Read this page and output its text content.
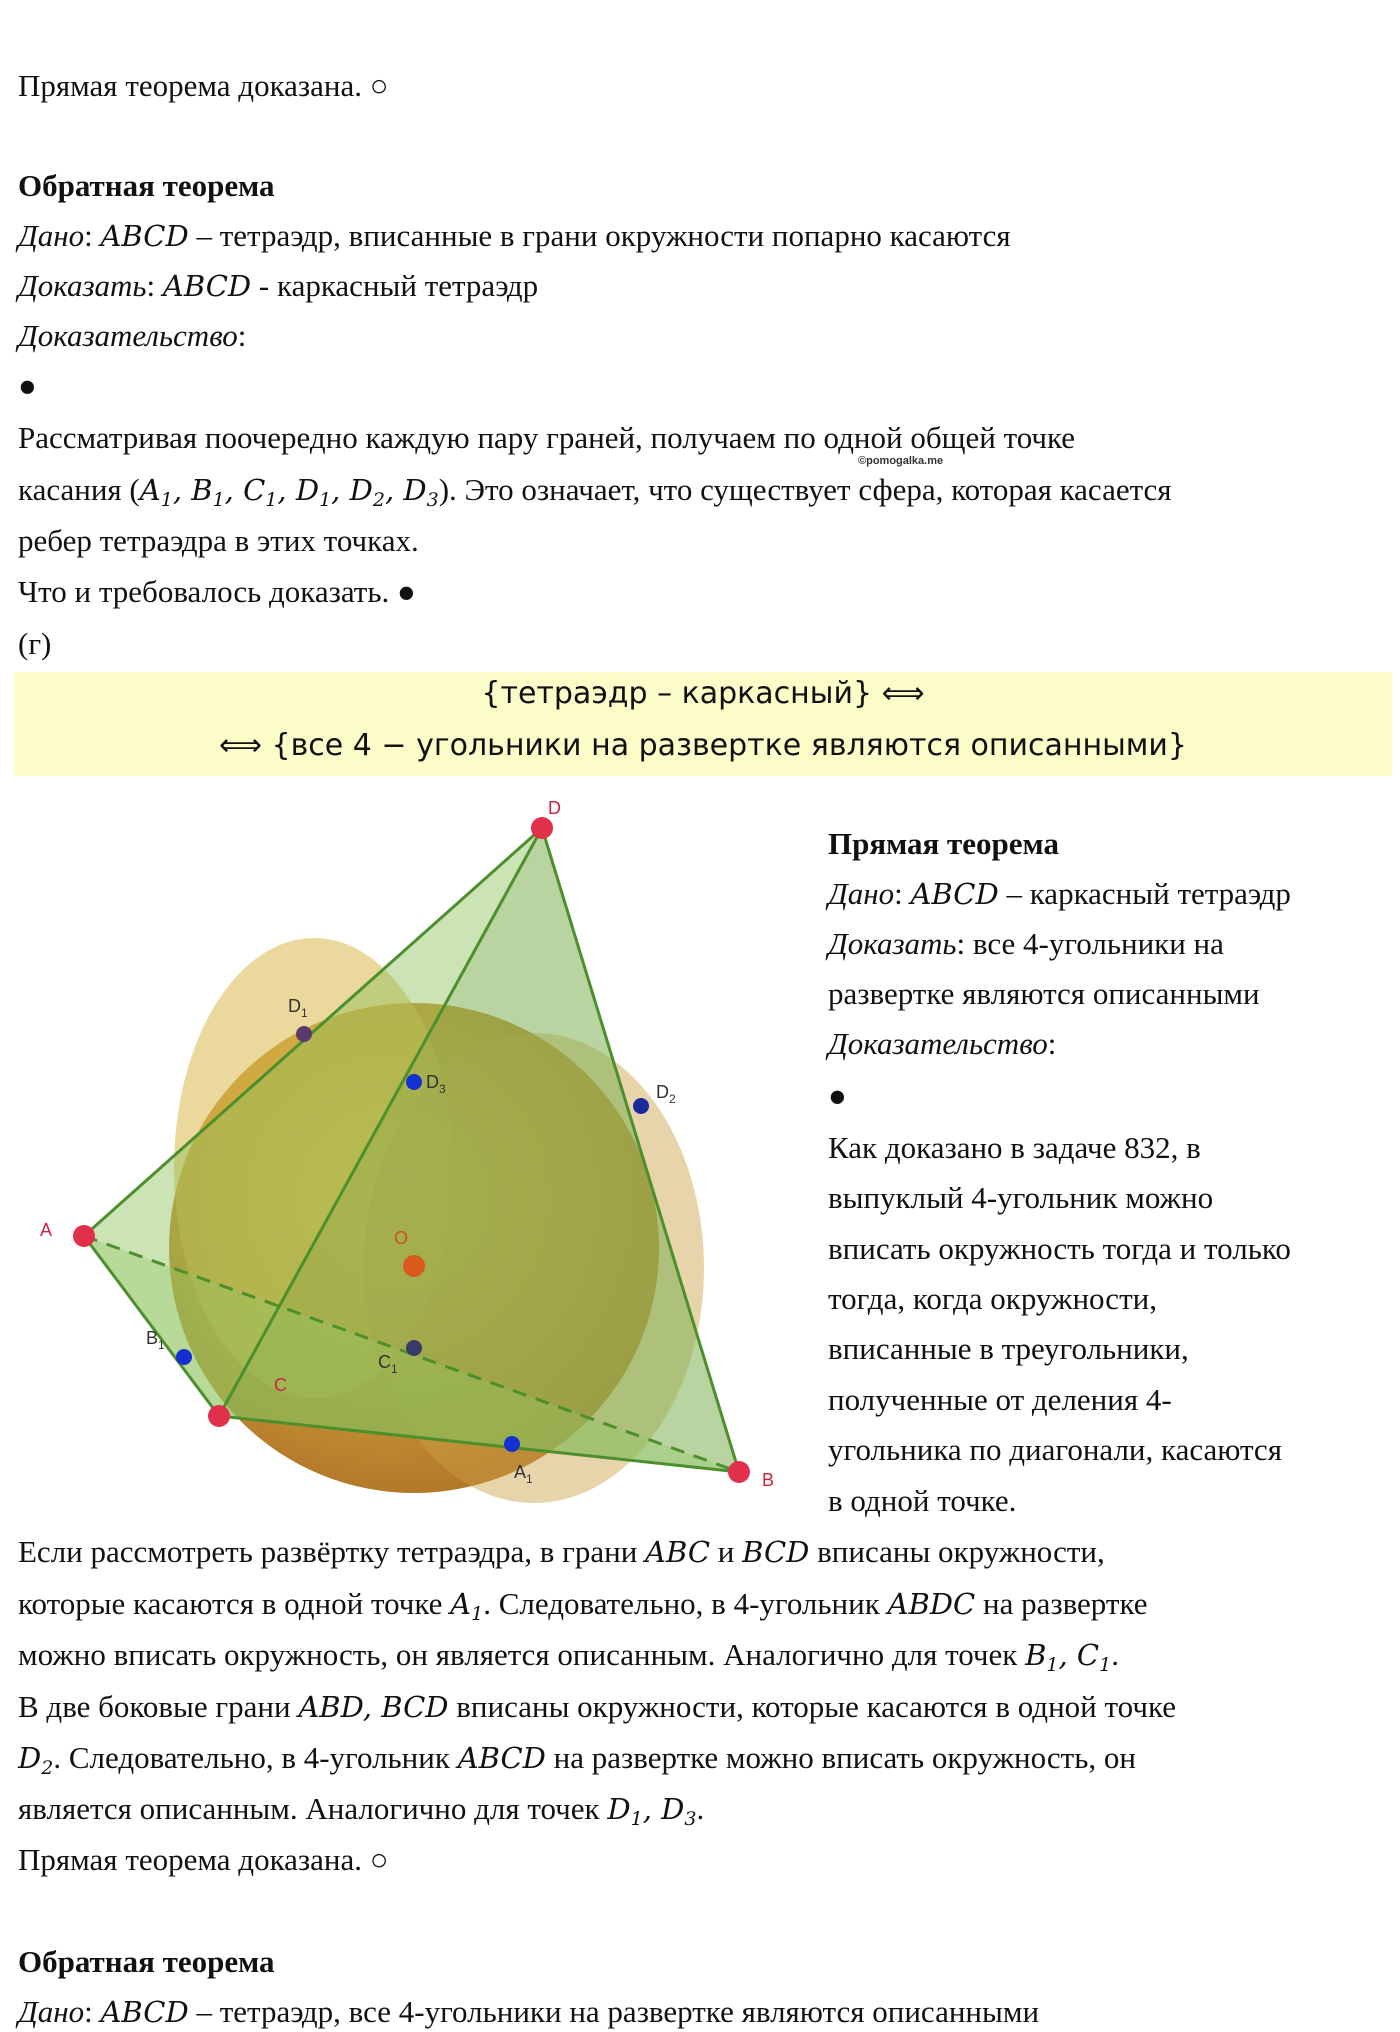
Прямая теорема доказана. ○
Обратная теорема
Дано: ABCD – тетраэдр, вписанные в грани окружности попарно касаются
Доказать: ABCD - каркасный тетраэдр
Доказательство:
●
Рассматривая поочередно каждую пару граней, получаем по одной общей точке
©pomogalka.me
касания ($A_1$, $B_1$, $C_1$, $D_1$, $D_2$, $D_3$). Это означает, что существует сфера, которая касается
ребер тетраэдра в этих точках.
Что и требовалось доказать. ●
(г)
{тетраэдр – каркасный} ⟺
⟺ {все 4 − угольники на развертке являются описанными}
D
A
B
C
O
$D_1$
$D_2$
$D_3$
$B_1$
$C_1$
$A_1$
Прямая теорема
Дано: ABCD – каркасный тетраэдр
Доказать: все 4-угольники на
развертке являются описанными
Доказательство:
●
Как доказано в задаче 832, в
выпуклый 4-угольник можно
вписать окружность тогда и только
тогда, когда окружности,
вписанные в треугольники,
полученные от деления 4-
угольника по диагонали, касаются
в одной точке.
Если рассмотреть развёртку тетраэдра, в грани ABC и BCD вписаны окружности,
которые касаются в одной точке $A_1$. Следовательно, в 4-угольник ABDC на развертке
можно вписать окружность, он является описанным. Аналогично для точек $B_1$, $C_1$.
В две боковые грани ABD, BCD вписаны окружности, которые касаются в одной точке
$D_2$. Следовательно, в 4-угольник ABCD на развертке можно вписать окружность, он
является описанным. Аналогично для точек $D_1$, $D_3$.
Прямая теорема доказана. ○
Обратная теорема
Дано: ABCD – тетраэдр, все 4-угольники на развертке являются описанными
